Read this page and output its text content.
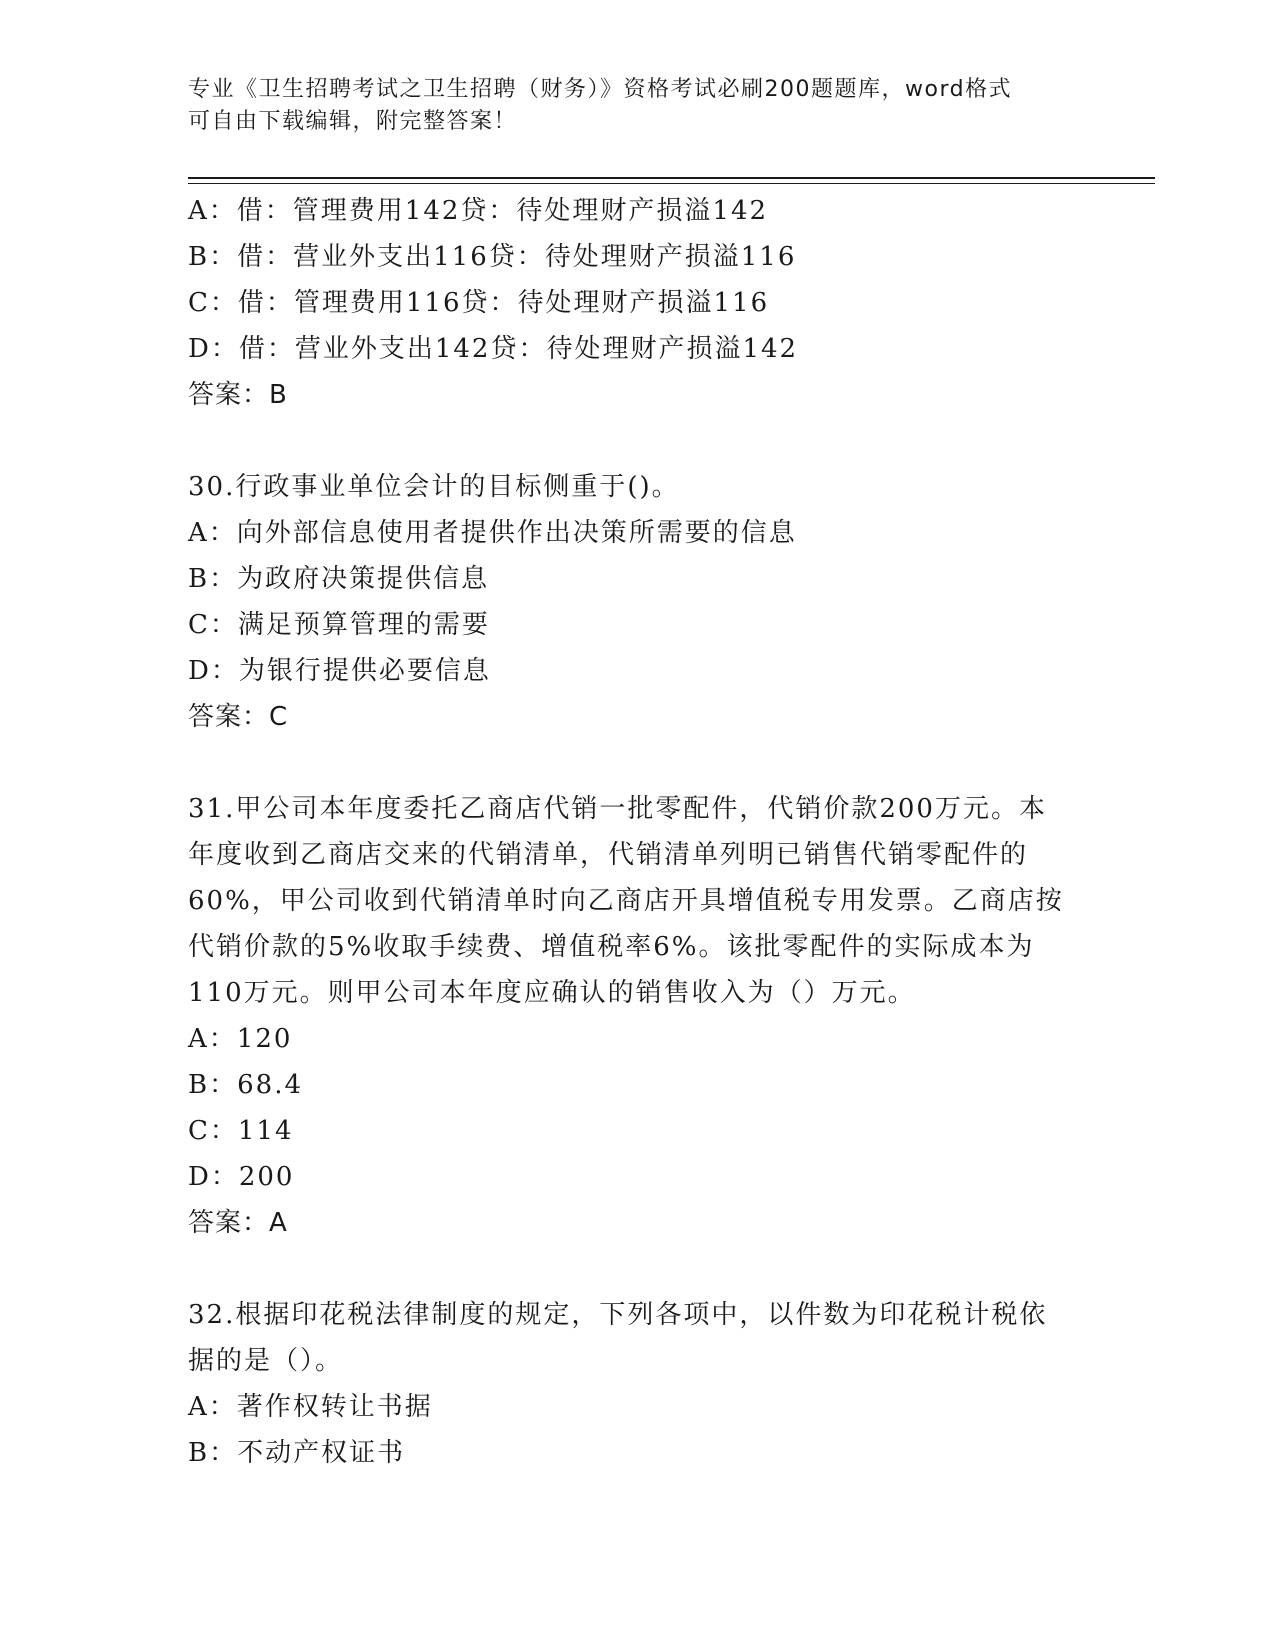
专业《卫生招聘考试之卫生招聘（财务）》资格考试必刷200题题库，word格式
可自由下载编辑，附完整答案！
A：借：管理费用142贷：待处理财产损溢142
B：借：营业外支出116贷：待处理财产损溢116
C：借：管理费用116贷：待处理财产损溢116
D：借：营业外支出142贷：待处理财产损溢142
答案：B
30.行政事业单位会计的目标侧重于()。
A：向外部信息使用者提供作出决策所需要的信息
B：为政府决策提供信息
C：满足预算管理的需要
D：为银行提供必要信息
答案：C
31.甲公司本年度委托乙商店代销一批零配件，代销价款200万元。本
年度收到乙商店交来的代销清单，代销清单列明已销售代销零配件的
60%，甲公司收到代销清单时向乙商店开具增值税专用发票。乙商店按
代销价款的5%收取手续费、增值税率6%。该批零配件的实际成本为
110万元。则甲公司本年度应确认的销售收入为（）万元。
A：120
B：68.4
C：114
D：200
答案：A
32.根据印花税法律制度的规定，下列各项中，以件数为印花税计税依
据的是（）。
A：著作权转让书据
B：不动产权证书
